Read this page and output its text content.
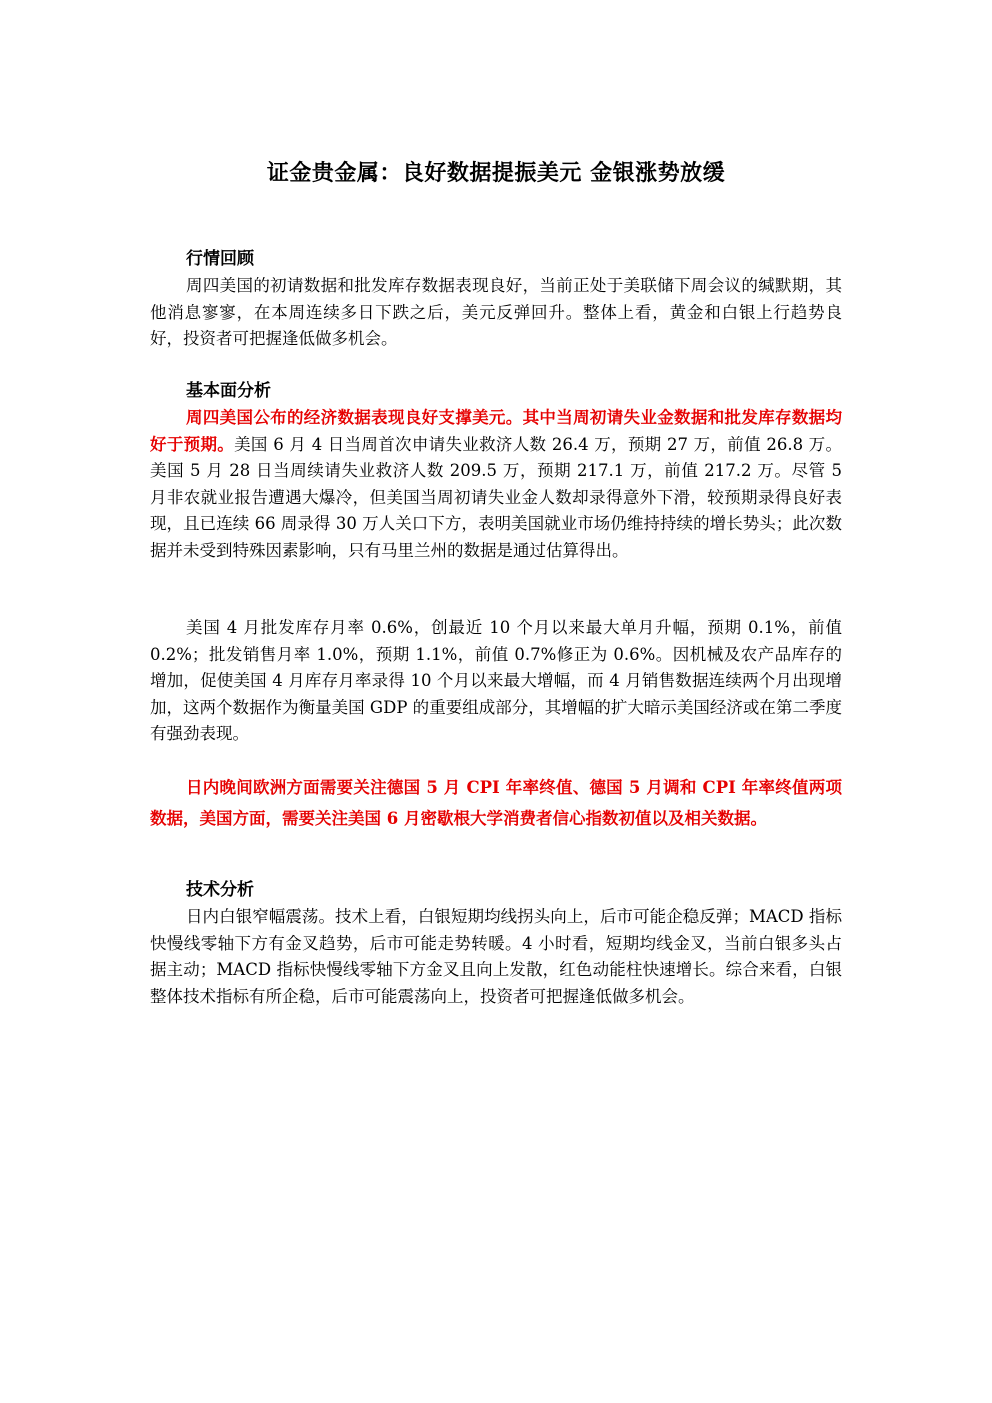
证金贵金属：良好数据提振美元 金银涨势放缓

行情回顾

周四美国的初请数据和批发库存数据表现良好，当前正处于美联储下周会议的缄默期，其他消息寥寥，在本周连续多日下跌之后，美元反弹回升。整体上看，黄金和白银上行趋势良好，投资者可把握逢低做多机会。

基本面分析

周四美国公布的经济数据表现良好支撑美元。其中当周初请失业金数据和批发库存数据均好于预期。美国 6 月 4 日当周首次申请失业救济人数 26.4 万，预期 27 万，前值 26.8 万。美国 5 月 28 日当周续请失业救济人数 209.5 万，预期 217.1 万，前值 217.2 万。尽管 5 月非农就业报告遭遇大爆冷，但美国当周初请失业金人数却录得意外下滑，较预期录得良好表现，且已连续 66 周录得 30 万人关口下方，表明美国就业市场仍维持持续的增长势头；此次数据并未受到特殊因素影响，只有马里兰州的数据是通过估算得出。

美国 4 月批发库存月率 0.6%，创最近 10 个月以来最大单月升幅，预期 0.1%，前值 0.2%；批发销售月率 1.0%，预期 1.1%，前值 0.7%修正为 0.6%。因机械及农产品库存的增加，促使美国 4 月库存月率录得 10 个月以来最大增幅，而 4 月销售数据连续两个月出现增加，这两个数据作为衡量美国 GDP 的重要组成部分，其增幅的扩大暗示美国经济或在第二季度有强劲表现。

日内晚间欧洲方面需要关注德国 5 月 CPI 年率终值、德国 5 月调和 CPI 年率终值两项数据，美国方面，需要关注美国 6 月密歇根大学消费者信心指数初值以及相关数据。

技术分析

日内白银窄幅震荡。技术上看，白银短期均线拐头向上，后市可能企稳反弹；MACD 指标快慢线零轴下方有金叉趋势，后市可能走势转暖。4 小时看，短期均线金叉，当前白银多头占据主动；MACD 指标快慢线零轴下方金叉且向上发散，红色动能柱快速增长。综合来看，白银整体技术指标有所企稳，后市可能震荡向上，投资者可把握逢低做多机会。
